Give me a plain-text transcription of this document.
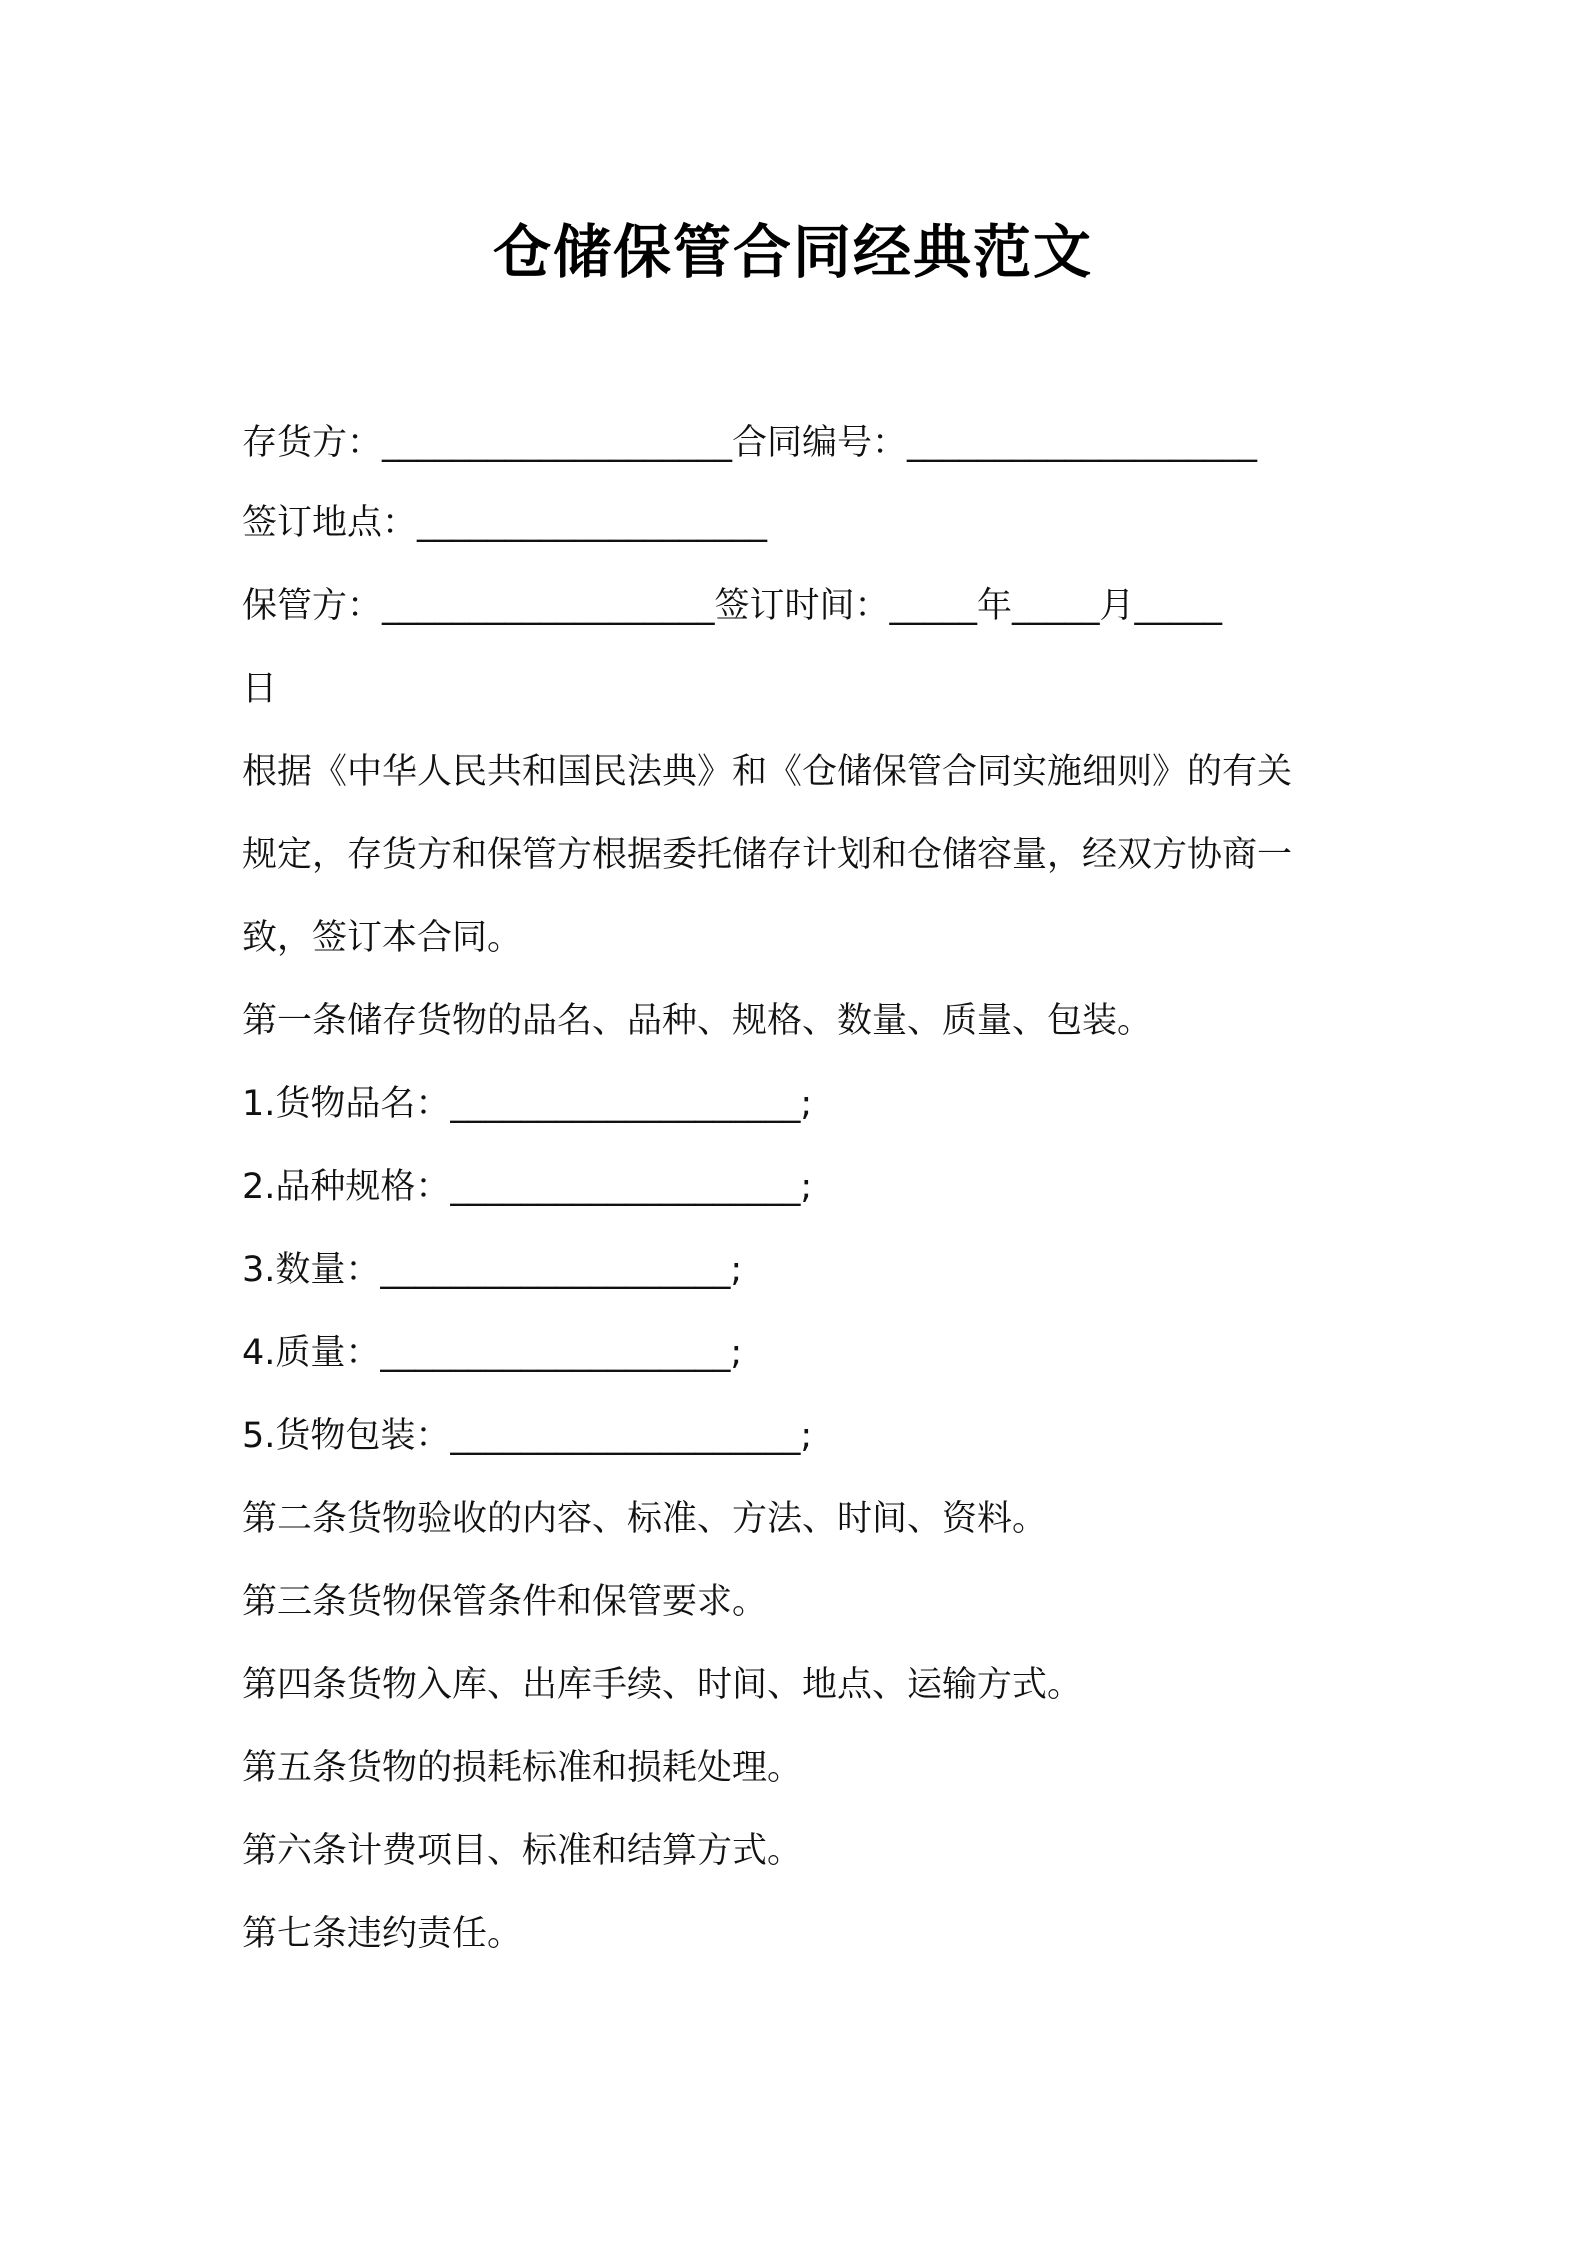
仓储保管合同经典范文
存货方：____________________合同编号：____________________
签订地点：____________________
保管方：___________________签订时间：_____年_____月_____
日
根据《中华人民共和国民法典》和《仓储保管合同实施细则》的有关
规定，存货方和保管方根据委托储存计划和仓储容量，经双方协商一
致，签订本合同。
第一条储存货物的品名、品种、规格、数量、质量、包装。
1.货物品名：____________________;
2.品种规格：____________________;
3.数量：____________________;
4.质量：____________________;
5.货物包装：____________________;
第二条货物验收的内容、标准、方法、时间、资料。
第三条货物保管条件和保管要求。
第四条货物入库、出库手续、时间、地点、运输方式。
第五条货物的损耗标准和损耗处理。
第六条计费项目、标准和结算方式。
第七条违约责任。
